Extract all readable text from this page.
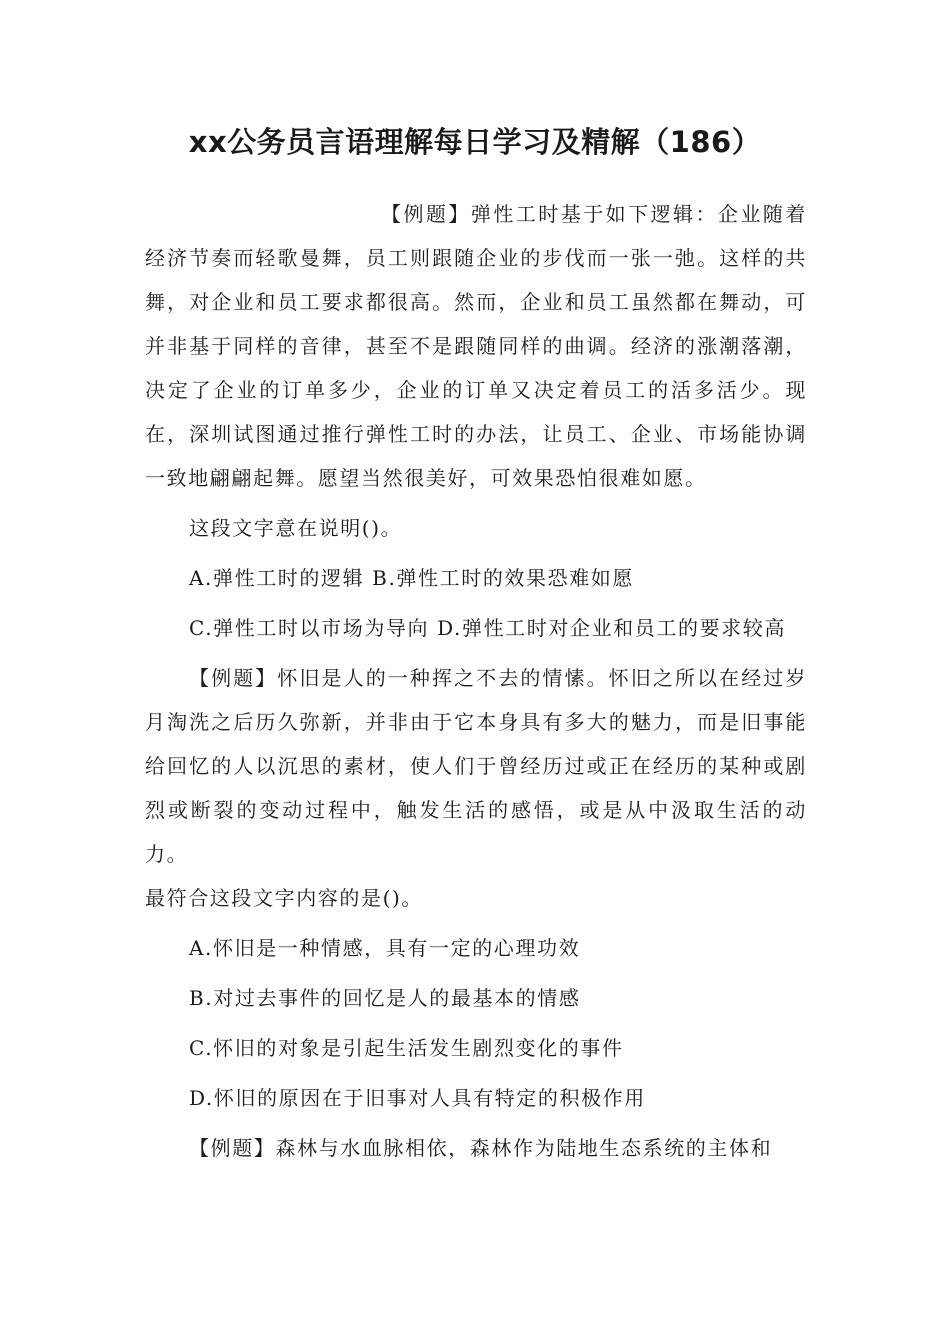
xx公务员言语理解每日学习及精解（186）

【例题】弹性工时基于如下逻辑：企业随着经济节奏而轻歌曼舞，员工则跟随企业的步伐而一张一弛。这样的共舞，对企业和员工要求都很高。然而，企业和员工虽然都在舞动，可并非基于同样的音律，甚至不是跟随同样的曲调。经济的涨潮落潮，决定了企业的订单多少，企业的订单又决定着员工的活多活少。现在，深圳试图通过推行弹性工时的办法，让员工、企业、市场能协调一致地翩翩起舞。愿望当然很美好，可效果恐怕很难如愿。

这段文字意在说明()。

A.弹性工时的逻辑 B.弹性工时的效果恐难如愿

C.弹性工时以市场为导向 D.弹性工时对企业和员工的要求较高

【例题】怀旧是人的一种挥之不去的情愫。怀旧之所以在经过岁月淘洗之后历久弥新，并非由于它本身具有多大的魅力，而是旧事能给回忆的人以沉思的素材，使人们于曾经历过或正在经历的某种或剧烈或断裂的变动过程中，触发生活的感悟，或是从中汲取生活的动力。

最符合这段文字内容的是()。

A.怀旧是一种情感，具有一定的心理功效

B.对过去事件的回忆是人的最基本的情感

C.怀旧的对象是引起生活发生剧烈变化的事件

D.怀旧的原因在于旧事对人具有特定的积极作用

【例题】森林与水血脉相依，森林作为陆地生态系统的主体和
